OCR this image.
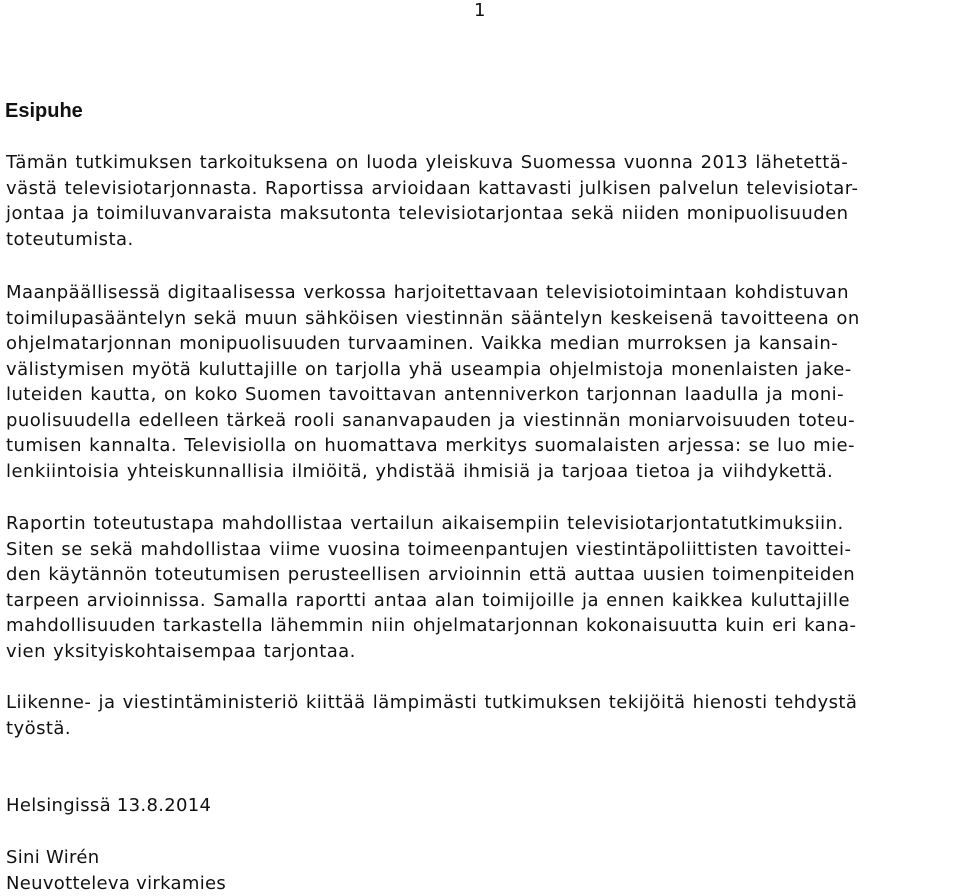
1
Esipuhe

Tämän tutkimuksen tarkoituksena on luoda yleiskuva Suomessa vuonna 2013 lähetettä-
västä televisiotarjonnasta. Raportissa arvioidaan kattavasti julkisen palvelun televisiotar-
jontaa ja toimiluvanvaraista maksutonta televisiotarjontaa sekä niiden monipuolisuuden
toteutumista.

Maanpäällisessä digitaalisessa verkossa harjoitettavaan televisiotoimintaan kohdistuvan
toimilupasääntelyn sekä muun sähköisen viestinnän sääntelyn keskeisenä tavoitteena on
ohjelmatarjonnan monipuolisuuden turvaaminen. Vaikka median murroksen ja kansain-
välistymisen myötä kuluttajille on tarjolla yhä useampia ohjelmistoja monenlaisten jake-
luteiden kautta, on koko Suomen tavoittavan antenniverkon tarjonnan laadulla ja moni-
puolisuudella edelleen tärkeä rooli sananvapauden ja viestinnän moniarvoisuuden toteu-
tumisen kannalta. Televisiolla on huomattava merkitys suomalaisten arjessa: se luo mie-
lenkiintoisia yhteiskunnallisia ilmiöitä, yhdistää ihmisiä ja tarjoaa tietoa ja viihdykettä.

Raportin toteutustapa mahdollistaa vertailun aikaisempiin televisiotarjontatutkimuksiin.
Siten se sekä mahdollistaa viime vuosina toimeenpantujen viestintäpoliittisten tavoittei-
den käytännön toteutumisen perusteellisen arvioinnin että auttaa uusien toimenpiteiden
tarpeen arvioinnissa. Samalla raportti antaa alan toimijoille ja ennen kaikkea kuluttajille
mahdollisuuden tarkastella lähemmin niin ohjelmatarjonnan kokonaisuutta kuin eri kana-
vien yksityiskohtaisempaa tarjontaa.

Liikenne- ja viestintäministeriö kiittää lämpimästi tutkimuksen tekijöitä hienosti tehdystä
työstä.

Helsingissä 13.8.2014

Sini Wirén
Neuvotteleva virkamies
